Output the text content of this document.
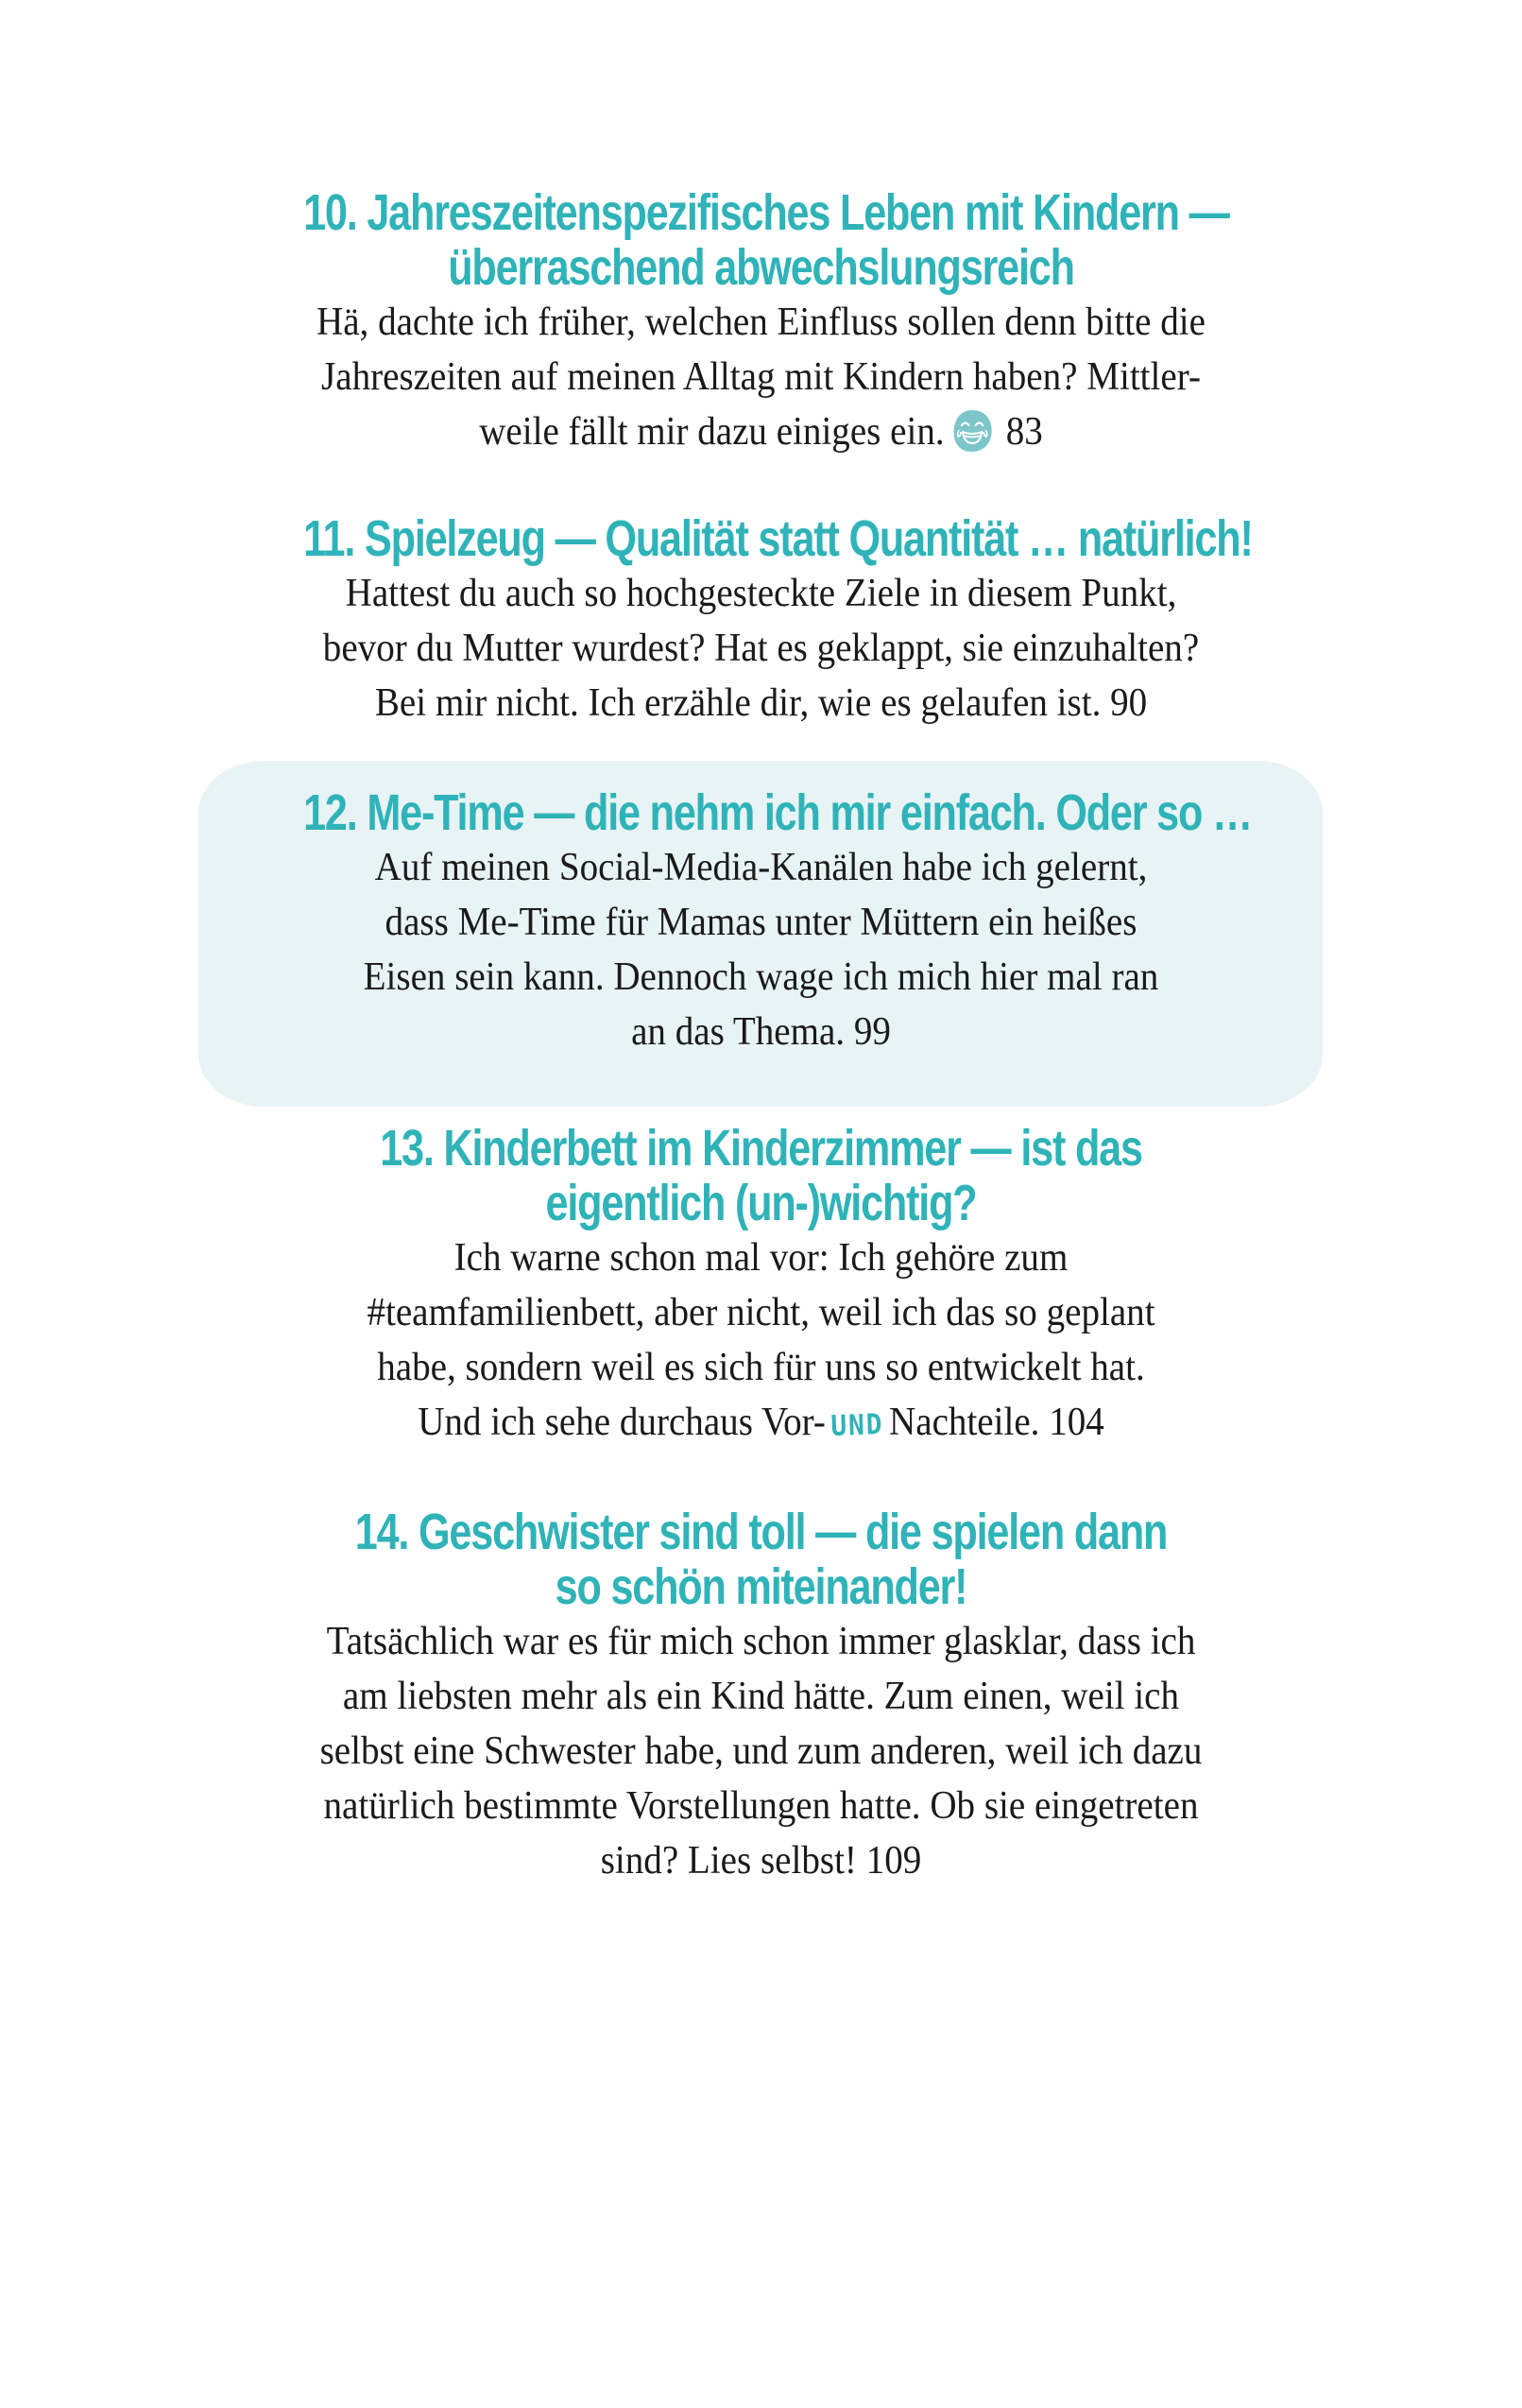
10. Jahreszeitenspezifisches Leben mit Kindern —
überraschend abwechslungsreich

Hä, dachte ich früher, welchen Einfluss sollen denn bitte die
Jahreszeiten auf meinen Alltag mit Kindern haben? Mittler-
weile fällt mir dazu einiges ein. 83

11. Spielzeug — Qualität statt Quantität … natürlich!

Hattest du auch so hochgesteckte Ziele in diesem Punkt,
bevor du Mutter wurdest? Hat es geklappt, sie einzuhalten?
Bei mir nicht. Ich erzähle dir, wie es gelaufen ist. 90

12. Me-Time — die nehm ich mir einfach. Oder so …

Auf meinen Social-Media-Kanälen habe ich gelernt,
dass Me-Time für Mamas unter Müttern ein heißes
Eisen sein kann. Dennoch wage ich mich hier mal ran
an das Thema. 99

13. Kinderbett im Kinderzimmer — ist das
eigentlich (un-)wichtig?

Ich warne schon mal vor: Ich gehöre zum
#teamfamilienbett, aber nicht, weil ich das so geplant
habe, sondern weil es sich für uns so entwickelt hat.
Und ich sehe durchaus Vor- UND Nachteile. 104

14. Geschwister sind toll — die spielen dann
so schön miteinander!

Tatsächlich war es für mich schon immer glasklar, dass ich
am liebsten mehr als ein Kind hätte. Zum einen, weil ich
selbst eine Schwester habe, und zum anderen, weil ich dazu
natürlich bestimmte Vorstellungen hatte. Ob sie eingetreten
sind? Lies selbst! 109
